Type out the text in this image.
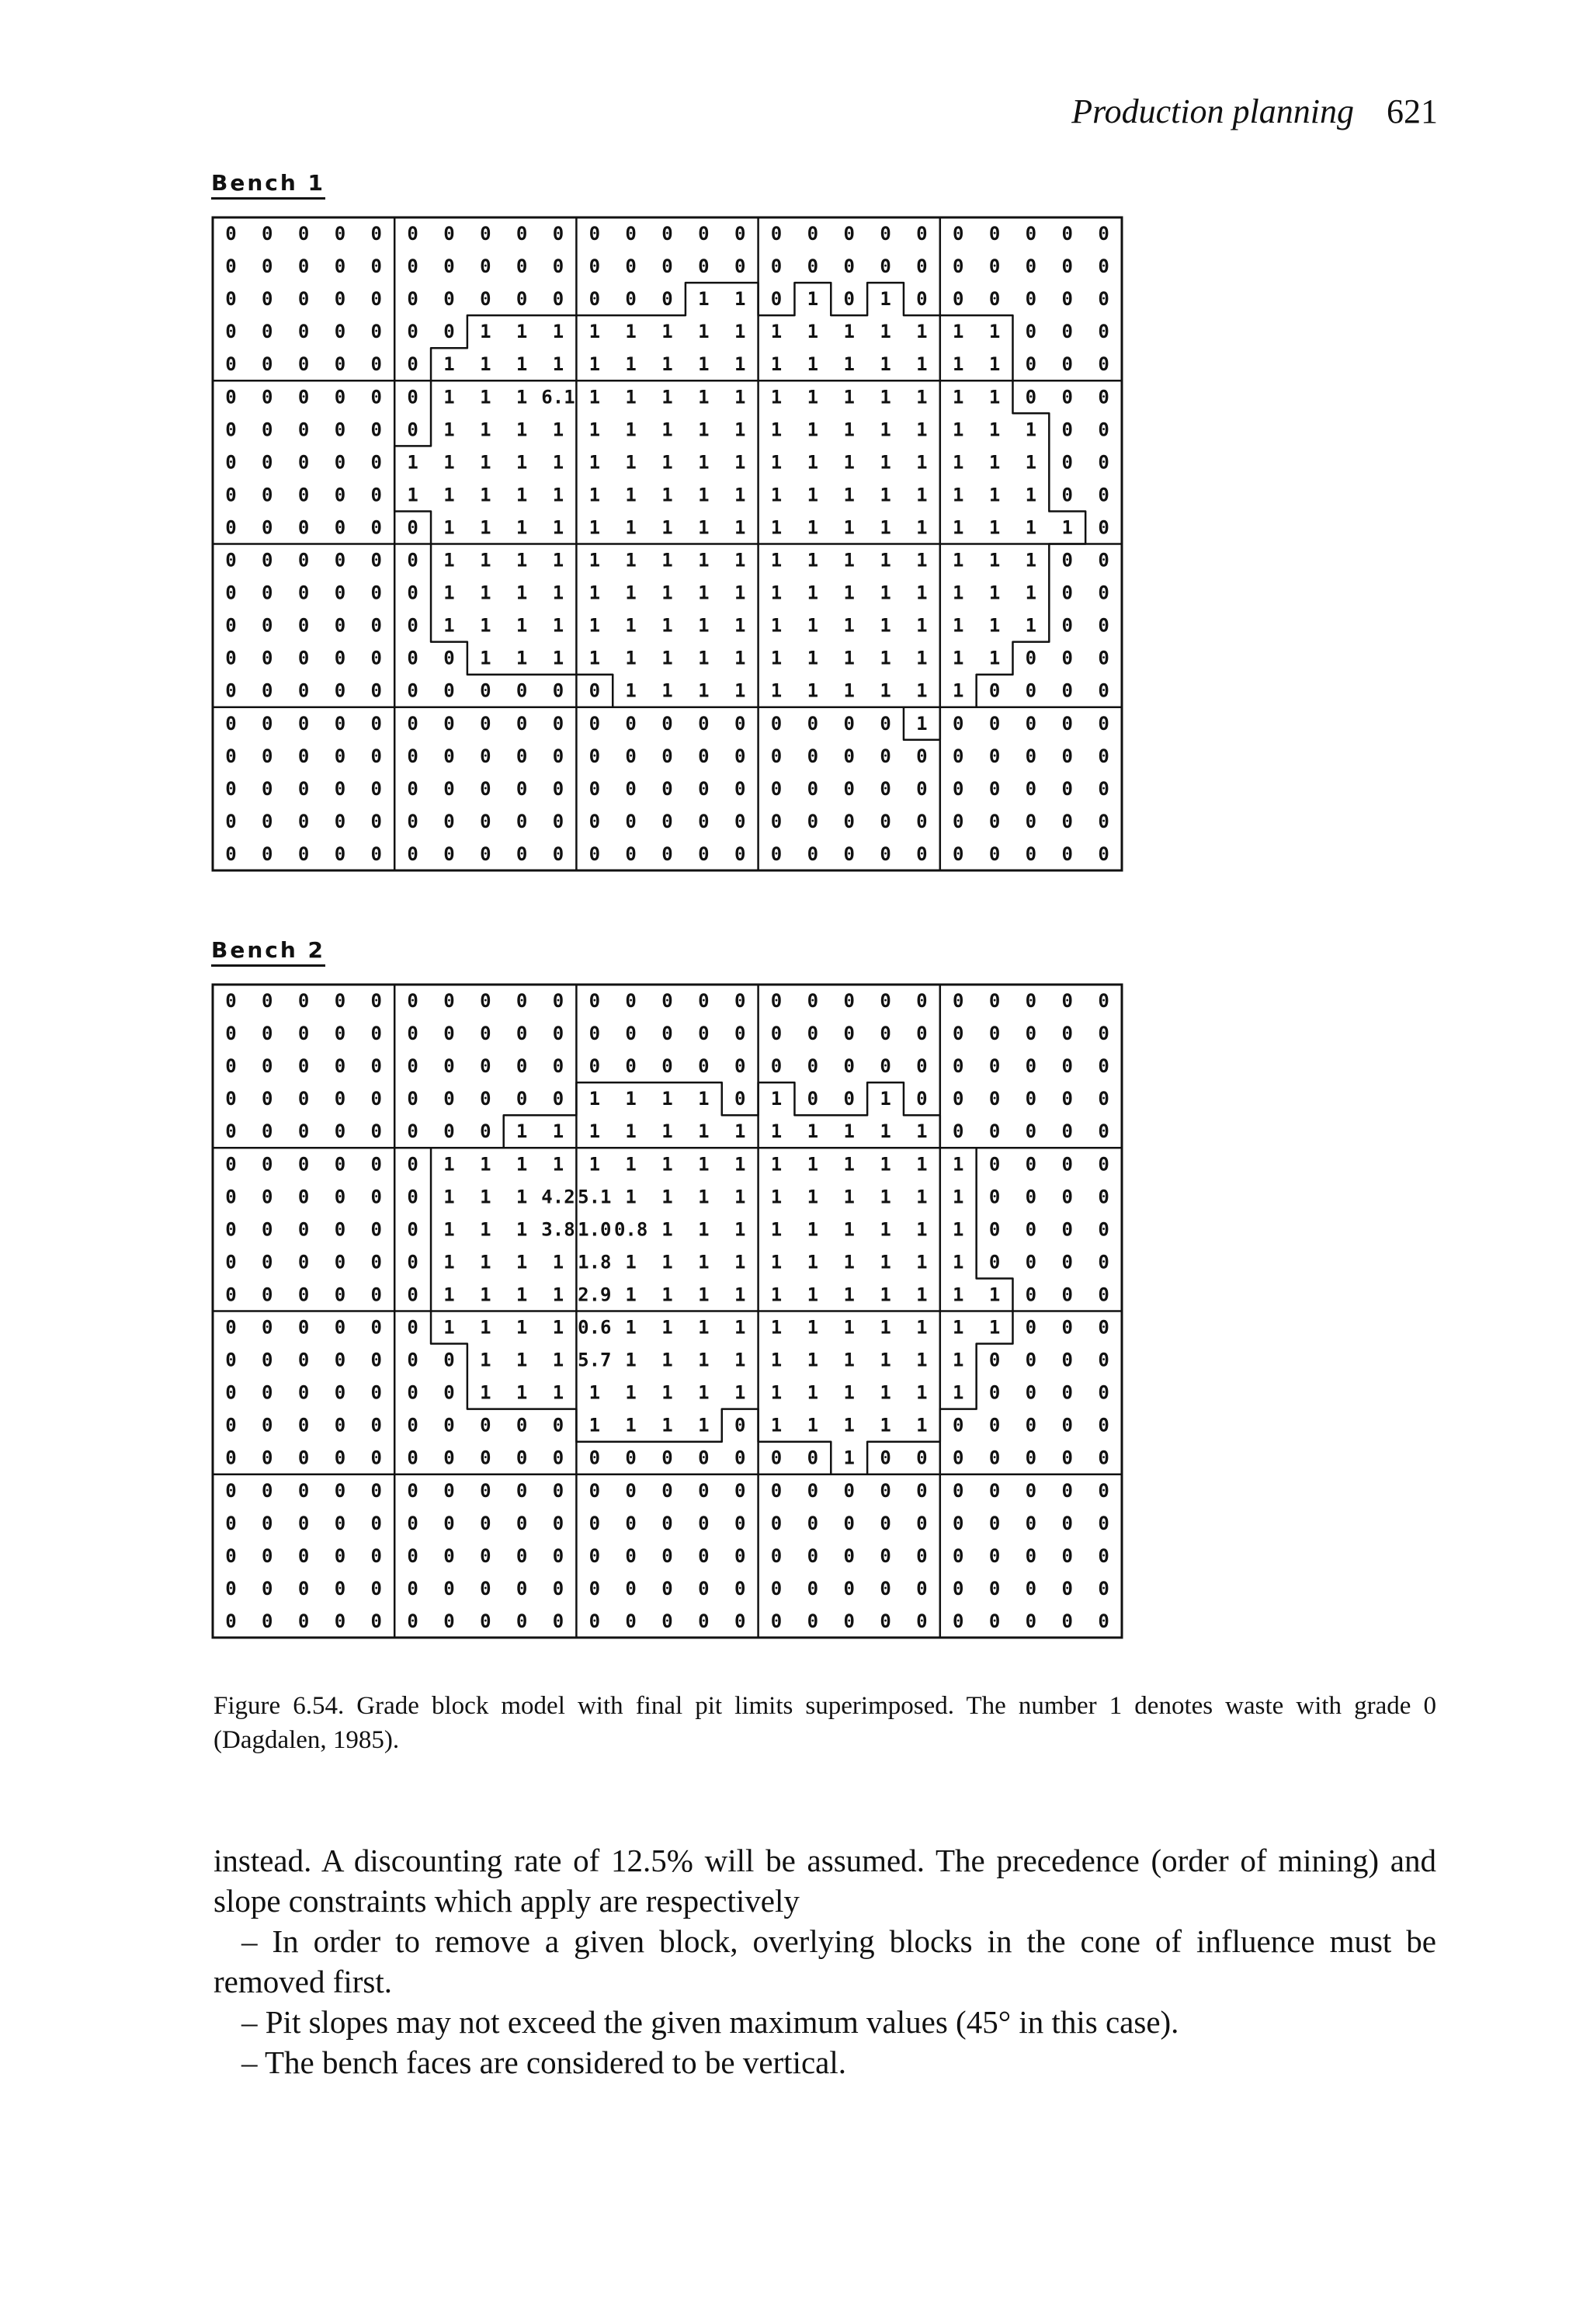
Production planning 621
Bench 1
0 0 0 0 0 0 0 0 0 0 0 0 0 0 0 0 0 0 0 0 0 0 0 0 0
0 0 0 0 0 0 0 0 0 0 0 0 0 0 0 0 0 0 0 0 0 0 0 0 0
0 0 0 0 0 0 0 0 0 0 0 0 0 1 1 0 1 0 1 0 0 0 0 0 0
0 0 0 0 0 0 0 1 1 1 1 1 1 1 1 1 1 1 1 1 1 1 0 0 0
0 0 0 0 0 0 1 1 1 1 1 1 1 1 1 1 1 1 1 1 1 1 0 0 0
0 0 0 0 0 0 1 1 1 6.1 1 1 1 1 1 1 1 1 1 1 1 1 0 0 0
0 0 0 0 0 0 1 1 1 1 1 1 1 1 1 1 1 1 1 1 1 1 1 0 0
0 0 0 0 0 1 1 1 1 1 1 1 1 1 1 1 1 1 1 1 1 1 1 0 0
0 0 0 0 0 1 1 1 1 1 1 1 1 1 1 1 1 1 1 1 1 1 1 0 0
0 0 0 0 0 0 1 1 1 1 1 1 1 1 1 1 1 1 1 1 1 1 1 1 0
0 0 0 0 0 0 1 1 1 1 1 1 1 1 1 1 1 1 1 1 1 1 1 0 0
0 0 0 0 0 0 1 1 1 1 1 1 1 1 1 1 1 1 1 1 1 1 1 0 0
0 0 0 0 0 0 1 1 1 1 1 1 1 1 1 1 1 1 1 1 1 1 1 0 0
0 0 0 0 0 0 0 1 1 1 1 1 1 1 1 1 1 1 1 1 1 1 0 0 0
0 0 0 0 0 0 0 0 0 0 0 1 1 1 1 1 1 1 1 1 1 0 0 0 0
0 0 0 0 0 0 0 0 0 0 0 0 0 0 0 0 0 0 0 1 0 0 0 0 0
0 0 0 0 0 0 0 0 0 0 0 0 0 0 0 0 0 0 0 0 0 0 0 0 0
0 0 0 0 0 0 0 0 0 0 0 0 0 0 0 0 0 0 0 0 0 0 0 0 0
0 0 0 0 0 0 0 0 0 0 0 0 0 0 0 0 0 0 0 0 0 0 0 0 0
0 0 0 0 0 0 0 0 0 0 0 0 0 0 0 0 0 0 0 0 0 0 0 0 0
Bench 2
0 0 0 0 0 0 0 0 0 0 0 0 0 0 0 0 0 0 0 0 0 0 0 0 0
0 0 0 0 0 0 0 0 0 0 0 0 0 0 0 0 0 0 0 0 0 0 0 0 0
0 0 0 0 0 0 0 0 0 0 0 0 0 0 0 0 0 0 0 0 0 0 0 0 0
0 0 0 0 0 0 0 0 0 0 1 1 1 1 0 1 0 0 1 0 0 0 0 0 0
0 0 0 0 0 0 0 0 1 1 1 1 1 1 1 1 1 1 1 1 0 0 0 0 0
0 0 0 0 0 0 1 1 1 1 1 1 1 1 1 1 1 1 1 1 1 0 0 0 0
0 0 0 0 0 0 1 1 1 4.2 5.1 1 1 1 1 1 1 1 1 1 1 0 0 0 0
0 0 0 0 0 0 1 1 1 3.8 1.0 0.8 1 1 1 1 1 1 1 1 1 0 0 0 0
0 0 0 0 0 0 1 1 1 1 1.8 1 1 1 1 1 1 1 1 1 1 0 0 0 0
0 0 0 0 0 0 1 1 1 1 2.9 1 1 1 1 1 1 1 1 1 1 1 0 0 0
0 0 0 0 0 0 1 1 1 1 0.6 1 1 1 1 1 1 1 1 1 1 1 0 0 0
0 0 0 0 0 0 0 1 1 1 5.7 1 1 1 1 1 1 1 1 1 1 0 0 0 0
0 0 0 0 0 0 0 1 1 1 1 1 1 1 1 1 1 1 1 1 1 0 0 0 0
0 0 0 0 0 0 0 0 0 0 1 1 1 1 0 1 1 1 1 1 0 0 0 0 0
0 0 0 0 0 0 0 0 0 0 0 0 0 0 0 0 0 1 0 0 0 0 0 0 0
0 0 0 0 0 0 0 0 0 0 0 0 0 0 0 0 0 0 0 0 0 0 0 0 0
0 0 0 0 0 0 0 0 0 0 0 0 0 0 0 0 0 0 0 0 0 0 0 0 0
0 0 0 0 0 0 0 0 0 0 0 0 0 0 0 0 0 0 0 0 0 0 0 0 0
0 0 0 0 0 0 0 0 0 0 0 0 0 0 0 0 0 0 0 0 0 0 0 0 0
0 0 0 0 0 0 0 0 0 0 0 0 0 0 0 0 0 0 0 0 0 0 0 0 0
Figure 6.54. Grade block model with final pit limits superimposed. The number 1 denotes waste with grade 0 (Dagdalen, 1985).

instead. A discounting rate of 12.5% will be assumed. The precedence (order of mining) and slope constraints which apply are respectively

– In order to remove a given block, overlying blocks in the cone of influence must be removed first.

– Pit slopes may not exceed the given maximum values (45° in this case).

– The bench faces are considered to be vertical.
